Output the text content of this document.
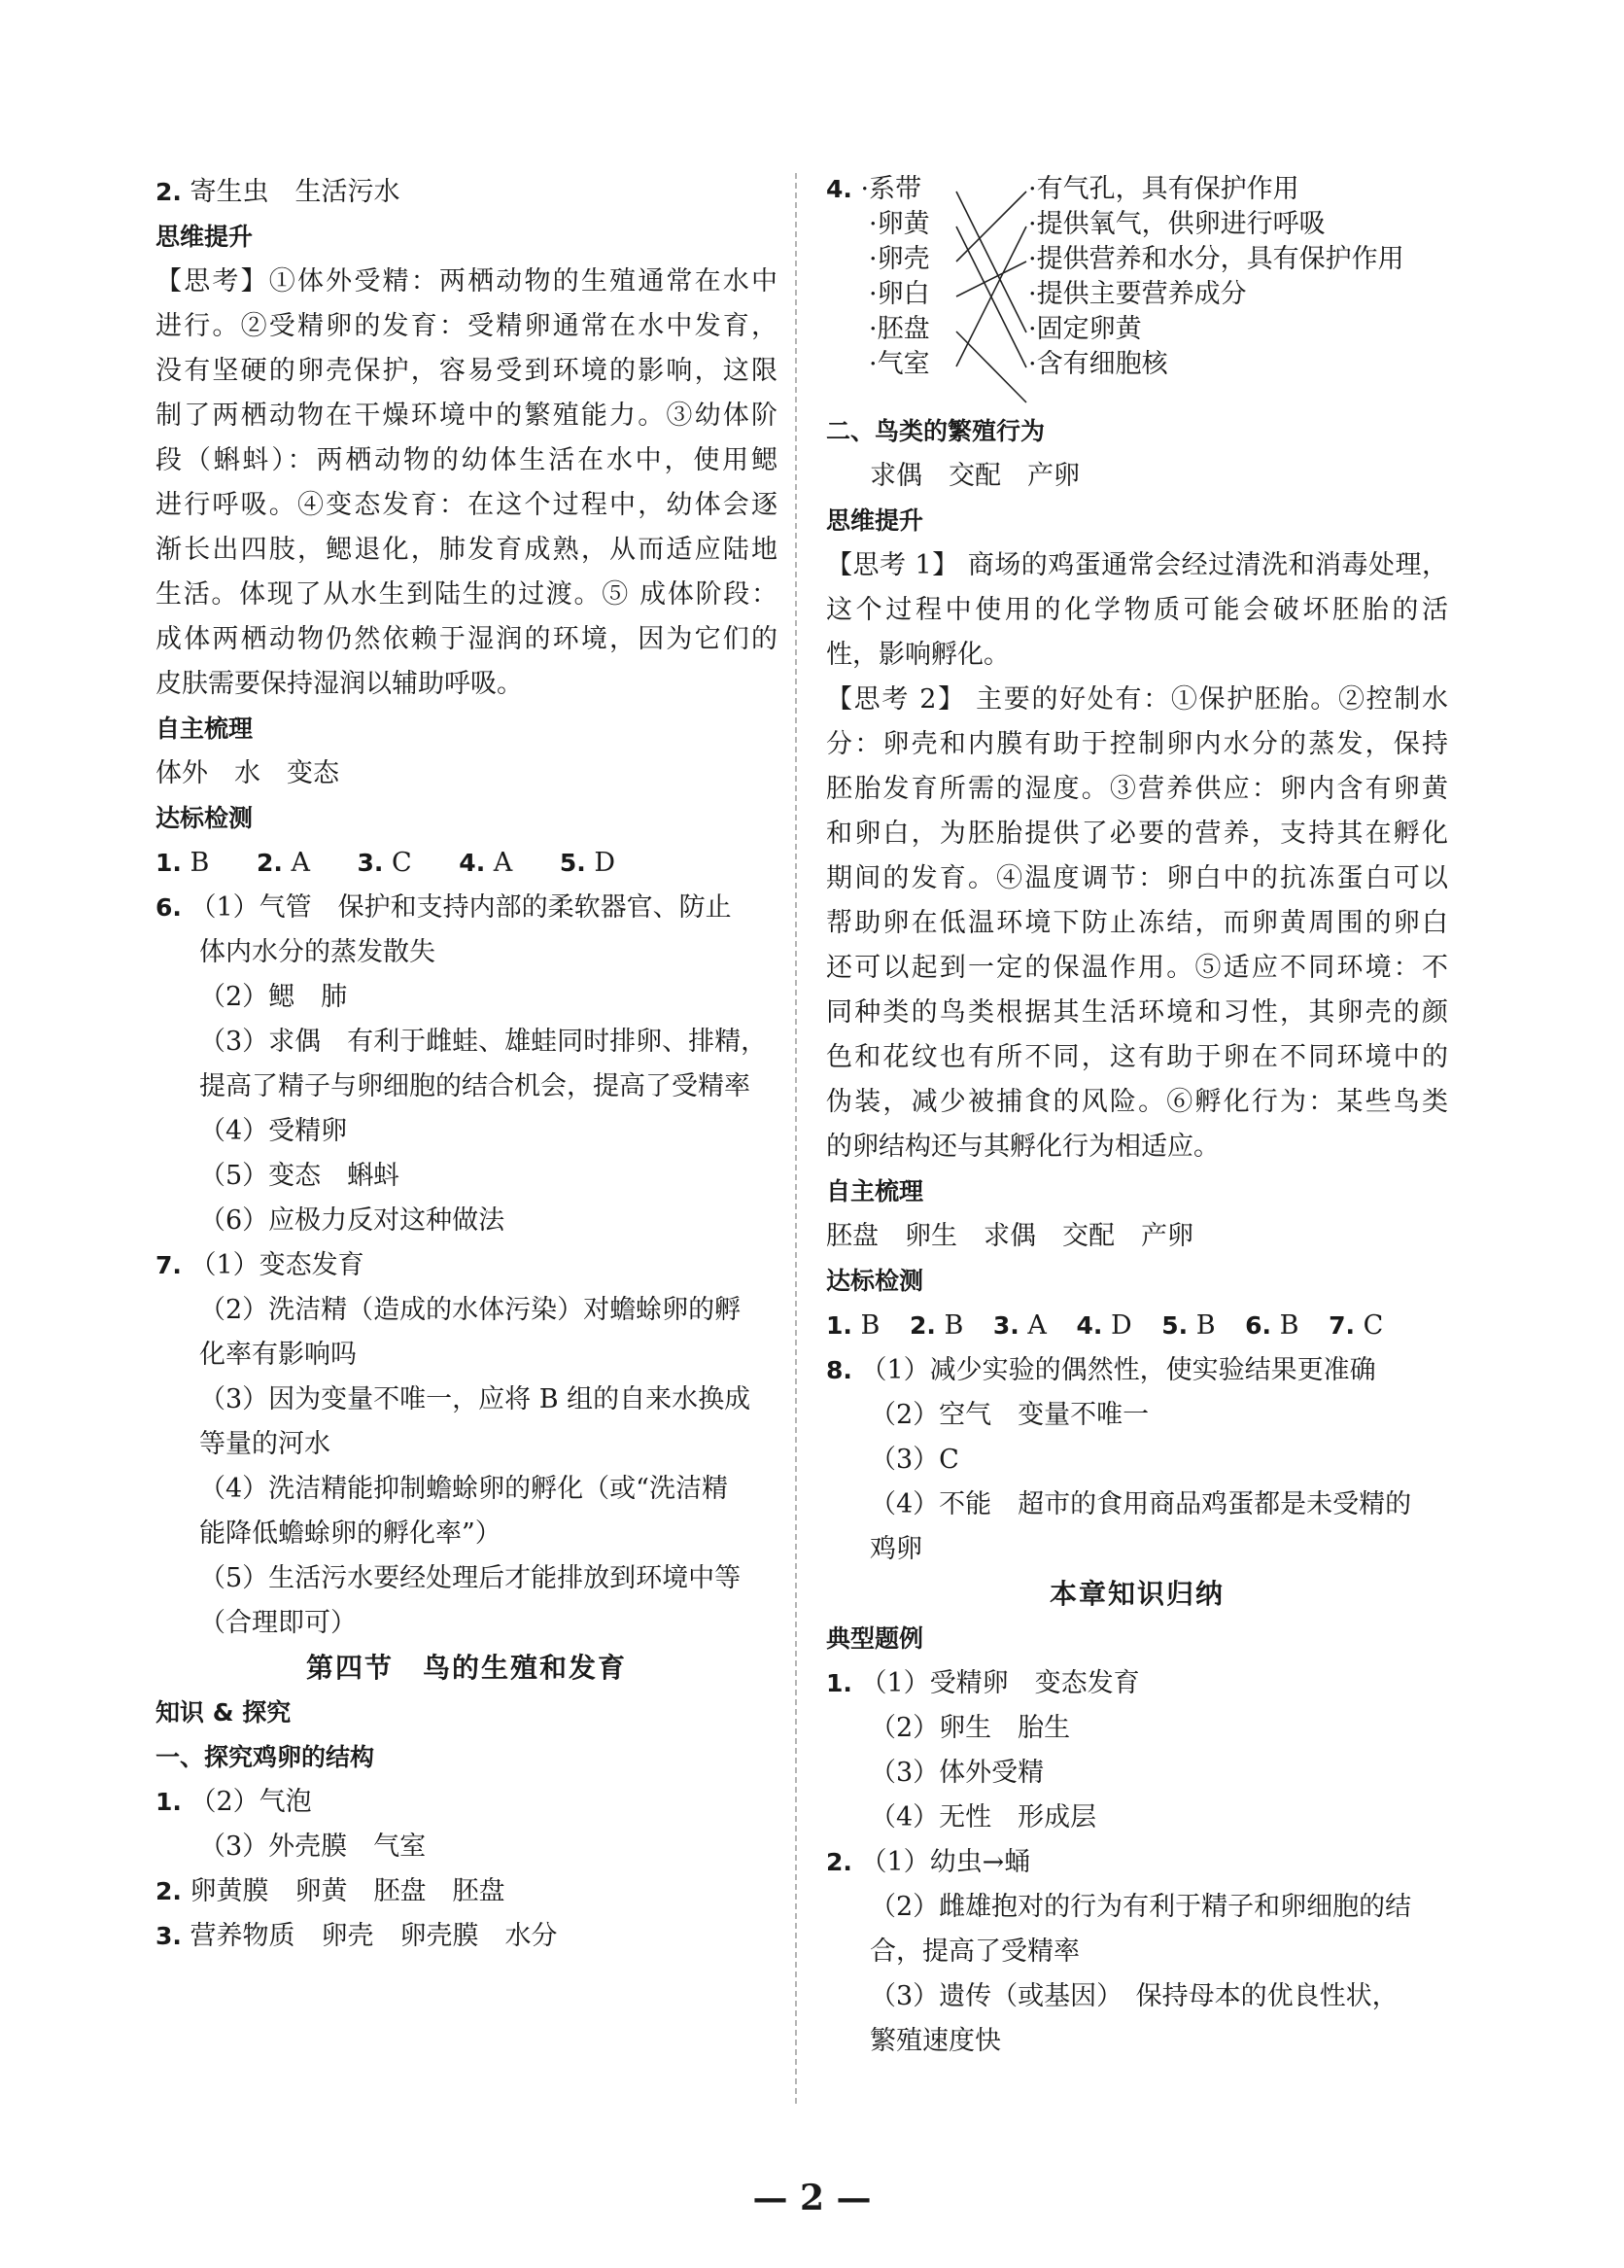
2. 寄生虫　生活污水
思维提升
【思考】①体外受精：两栖动物的生殖通常在水中
进行。②受精卵的发育：受精卵通常在水中发育，
没有坚硬的卵壳保护，容易受到环境的影响，这限
制了两栖动物在干燥环境中的繁殖能力。③幼体阶
段（蝌蚪）：两栖动物的幼体生活在水中，使用鳃
进行呼吸。④变态发育：在这个过程中，幼体会逐
渐长出四肢，鳃退化，肺发育成熟，从而适应陆地
生活。体现了从水生到陆生的过渡。⑤ 成体阶段：
成体两栖动物仍然依赖于湿润的环境，因为它们的
皮肤需要保持湿润以辅助呼吸。
自主梳理
体外　水　变态
达标检测
1. B 2. A 3. C 4. A 5. D
6. （1）气管　保护和支持内部的柔软器官、防止
体内水分的蒸发散失
（2）鳃　肺
（3）求偶　有利于雌蛙、雄蛙同时排卵、排精，
提高了精子与卵细胞的结合机会，提高了受精率
（4）受精卵
（5）变态　蝌蚪
（6）应极力反对这种做法
7. （1）变态发育
（2）洗洁精（造成的水体污染）对蟾蜍卵的孵
化率有影响吗
（3）因为变量不唯一，应将 B 组的自来水换成
等量的河水
（4）洗洁精能抑制蟾蜍卵的孵化（或“洗洁精
能降低蟾蜍卵的孵化率”）
（5）生活污水要经处理后才能排放到环境中等
（合理即可）
第四节　鸟的生殖和发育
知识 & 探究
一、探究鸡卵的结构
1. （2）气泡
（3）外壳膜　气室
2. 卵黄膜　卵黄　胚盘　胚盘
3. 营养物质　卵壳　卵壳膜　水分
4. ·系带
·卵黄
·卵壳
·卵白
·胚盘
·气室
·有气孔，具有保护作用
·提供氧气，供卵进行呼吸
·提供营养和水分，具有保护作用
·提供主要营养成分
·固定卵黄
·含有细胞核
二、鸟类的繁殖行为
求偶　交配　产卵
思维提升
【思考 1】 商场的鸡蛋通常会经过清洗和消毒处理，
这个过程中使用的化学物质可能会破坏胚胎的活
性，影响孵化。
【思考 2】 主要的好处有：①保护胚胎。②控制水
分：卵壳和内膜有助于控制卵内水分的蒸发，保持
胚胎发育所需的湿度。③营养供应：卵内含有卵黄
和卵白，为胚胎提供了必要的营养，支持其在孵化
期间的发育。④温度调节：卵白中的抗冻蛋白可以
帮助卵在低温环境下防止冻结，而卵黄周围的卵白
还可以起到一定的保温作用。⑤适应不同环境：不
同种类的鸟类根据其生活环境和习性，其卵壳的颜
色和花纹也有所不同，这有助于卵在不同环境中的
伪装，减少被捕食的风险。⑥孵化行为：某些鸟类
的卵结构还与其孵化行为相适应。
自主梳理
胚盘　卵生　求偶　交配　产卵
达标检测
1. B 2. B 3. A 4. D 5. B 6. B 7. C
8. （1）减少实验的偶然性，使实验结果更准确
（2）空气　变量不唯一
（3）C
（4）不能　超市的食用商品鸡蛋都是未受精的
鸡卵
本章知识归纳
典型题例
1. （1）受精卵　变态发育
（2）卵生　胎生
（3）体外受精
（4）无性　形成层
2. （1）幼虫→蛹
（2）雌雄抱对的行为有利于精子和卵细胞的结
合，提高了受精率
（3）遗传（或基因）　保持母本的优良性状，
繁殖速度快
— 2 —
